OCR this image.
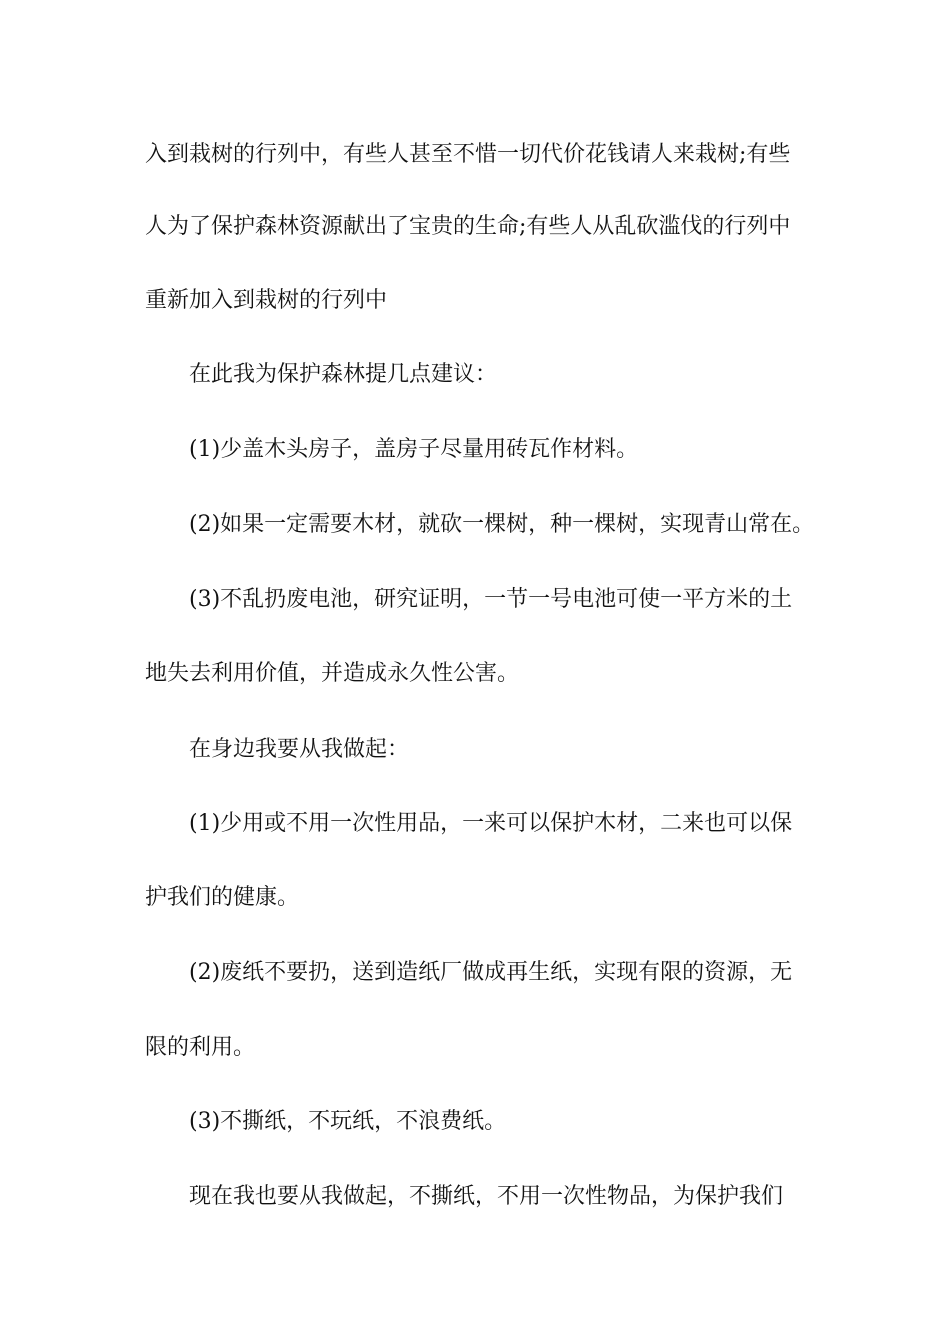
入到栽树的行列中，有些人甚至不惜一切代价花钱请人来栽树;有些
人为了保护森林资源献出了宝贵的生命;有些人从乱砍滥伐的行列中
重新加入到栽树的行列中
在此我为保护森林提几点建议：
(1)少盖木头房子，盖房子尽量用砖瓦作材料。
(2)如果一定需要木材，就砍一棵树，种一棵树，实现青山常在。
(3)不乱扔废电池，研究证明，一节一号电池可使一平方米的土
地失去利用价值，并造成永久性公害。
在身边我要从我做起：
(1)少用或不用一次性用品，一来可以保护木材，二来也可以保
护我们的健康。
(2)废纸不要扔，送到造纸厂做成再生纸，实现有限的资源，无
限的利用。
(3)不撕纸，不玩纸，不浪费纸。
现在我也要从我做起，不撕纸，不用一次性物品，为保护我们
